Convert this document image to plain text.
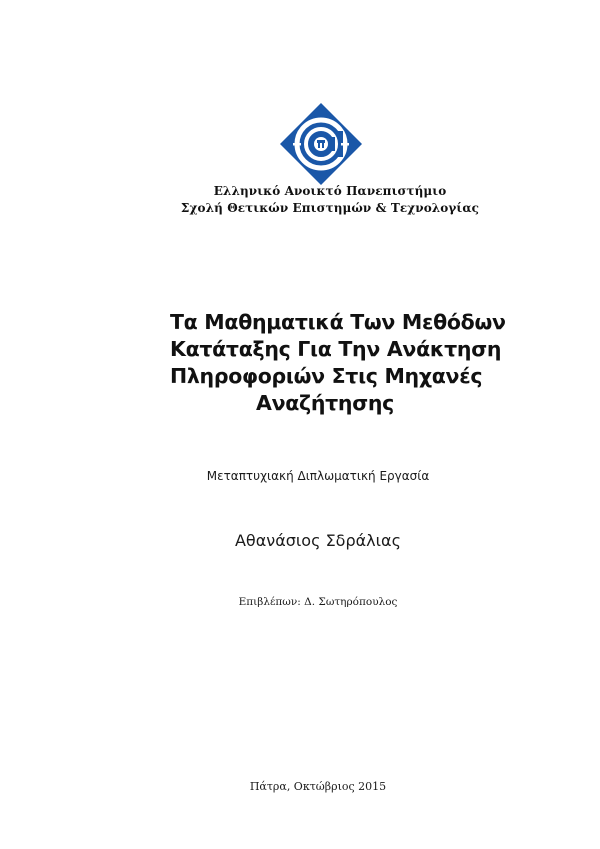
Ελληνικό Ανοικτό Πανεπιστήμιο
Σχολή Θετικών Επιστημών & Τεχνολογίας
Τα Μαθηματικά Των Μεθόδων
Κατάταξης Για Την Ανάκτηση
Πληροφοριών Στις Μηχανές
Αναζήτησης
Μεταπτυχιακή Διπλωματική Εργασία
Αθανάσιος Σδράλιας
Επιβλέπων: Δ. Σωτηρόπουλος
Πάτρα, Οκτώβριος 2015
